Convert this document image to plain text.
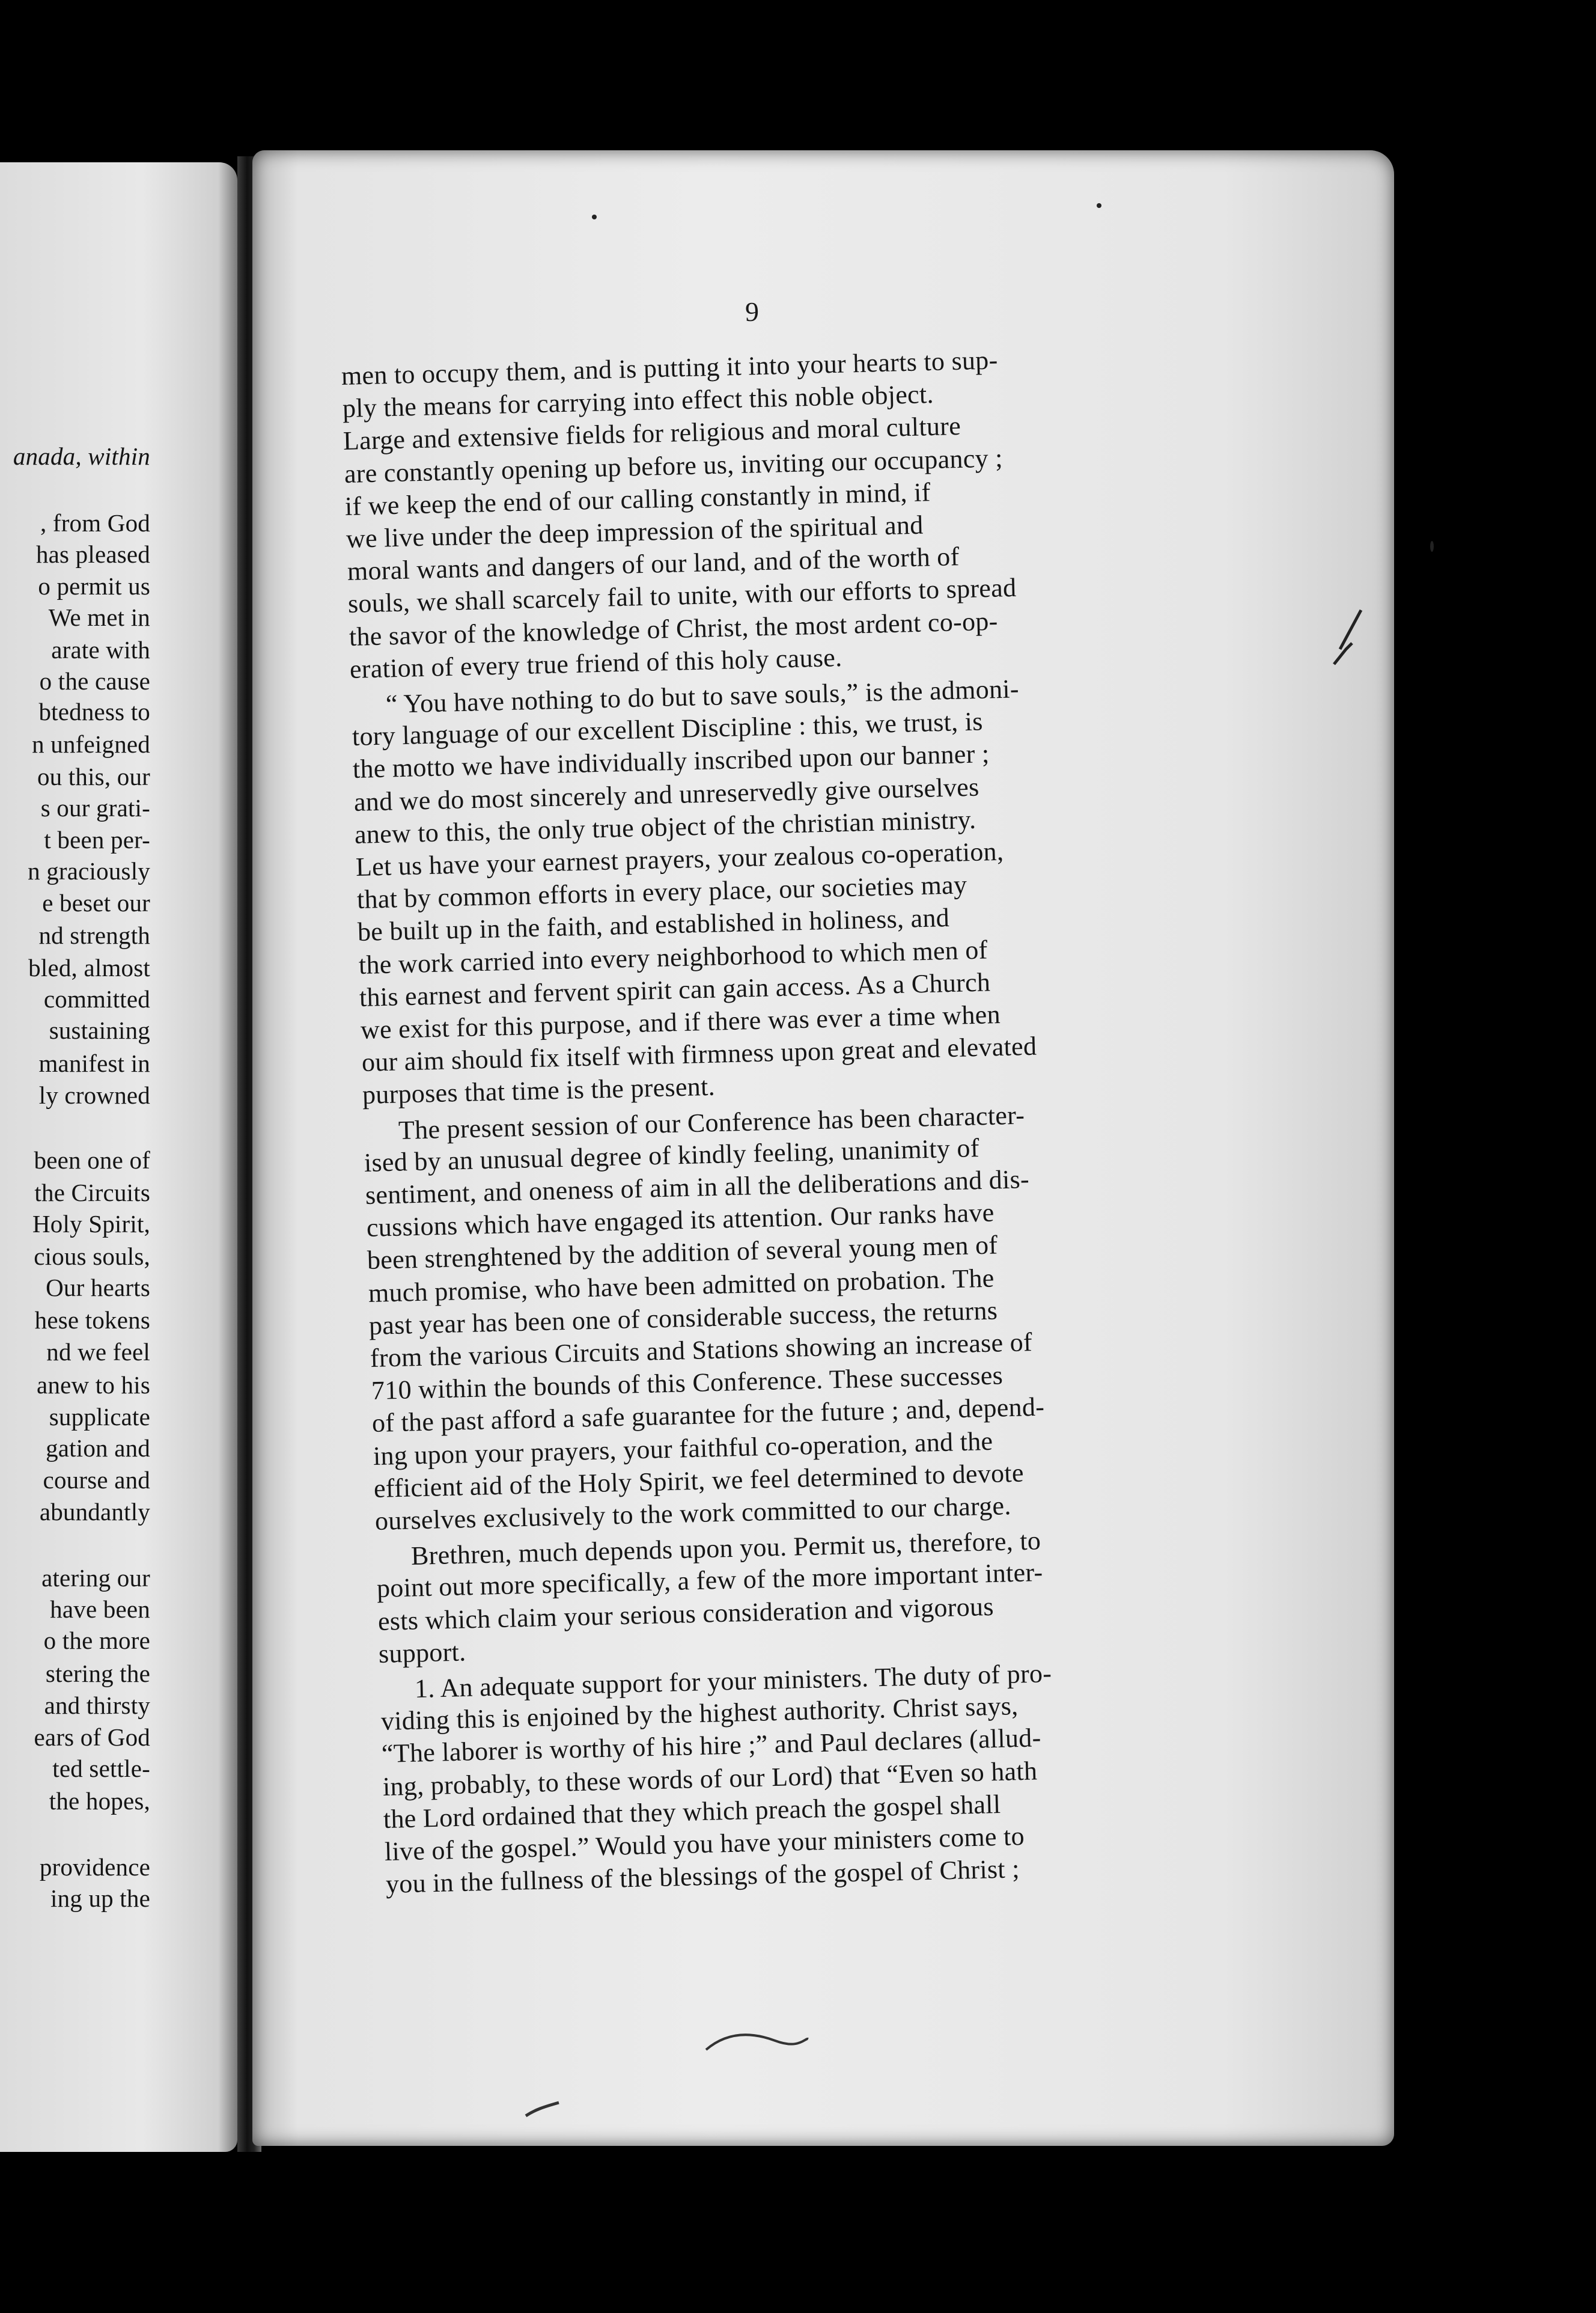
anada, within
, from God
has pleased
o permit us
We met in
arate with
o the cause
btedness to
n unfeigned
ou this, our
s our grati-
t been per-
n graciously
e beset our
nd strength
bled, almost
committed
sustaining
manifest in
ly crowned
been one of
the Circuits
Holy Spirit,
cious souls,
Our hearts
hese tokens
nd we feel
anew to his
supplicate
gation and
course and
abundantly
atering our
have been
o the more
stering the
and thirsty
ears of God
ted settle-
the hopes,
providence
ing up the
men to occupy them, and is putting it into your hearts to sup-
ply the means for carrying into effect this noble object.
Large and extensive fields for religious and moral culture
are constantly opening up before us, inviting our occupancy ;
if we keep the end of our calling constantly in mind, if
we live under the deep impression of the spiritual and
moral wants and dangers of our land, and of the worth of
souls, we shall scarcely fail to unite, with our efforts to spread
the savor of the knowledge of Christ, the most ardent co-op-
eration of every true friend of this holy cause.
“ You have nothing to do but to save souls,” is the admoni-
tory language of our excellent Discipline : this, we trust, is
the motto we have individually inscribed upon our banner ;
and we do most sincerely and unreservedly give ourselves
anew to this, the only true object of the christian ministry.
Let us have your earnest prayers, your zealous co-operation,
that by common efforts in every place, our societies may
be built up in the faith, and established in holiness, and
the work carried into every neighborhood to which men of
this earnest and fervent spirit can gain access. As a Church
we exist for this purpose, and if there was ever a time when
our aim should fix itself with firmness upon great and elevated
purposes that time is the present.
The present session of our Conference has been character-
ised by an unusual degree of kindly feeling, unanimity of
sentiment, and oneness of aim in all the deliberations and dis-
cussions which have engaged its attention. Our ranks have
been strenghtened by the addition of several young men of
much promise, who have been admitted on probation. The
past year has been one of considerable success, the returns
from the various Circuits and Stations showing an increase of
710 within the bounds of this Conference. These successes
of the past afford a safe guarantee for the future ; and, depend-
ing upon your prayers, your faithful co-operation, and the
efficient aid of the Holy Spirit, we feel determined to devote
ourselves exclusively to the work committed to our charge.
Brethren, much depends upon you. Permit us, therefore, to
point out more specifically, a few of the more important inter-
ests which claim your serious consideration and vigorous
support.
1. An adequate support for your ministers. The duty of pro-
viding this is enjoined by the highest authority. Christ says,
“The laborer is worthy of his hire ;” and Paul declares (allud-
ing, probably, to these words of our Lord) that “Even so hath
the Lord ordained that they which preach the gospel shall
live of the gospel.” Would you have your ministers come to
you in the fullness of the blessings of the gospel of Christ ;
9
